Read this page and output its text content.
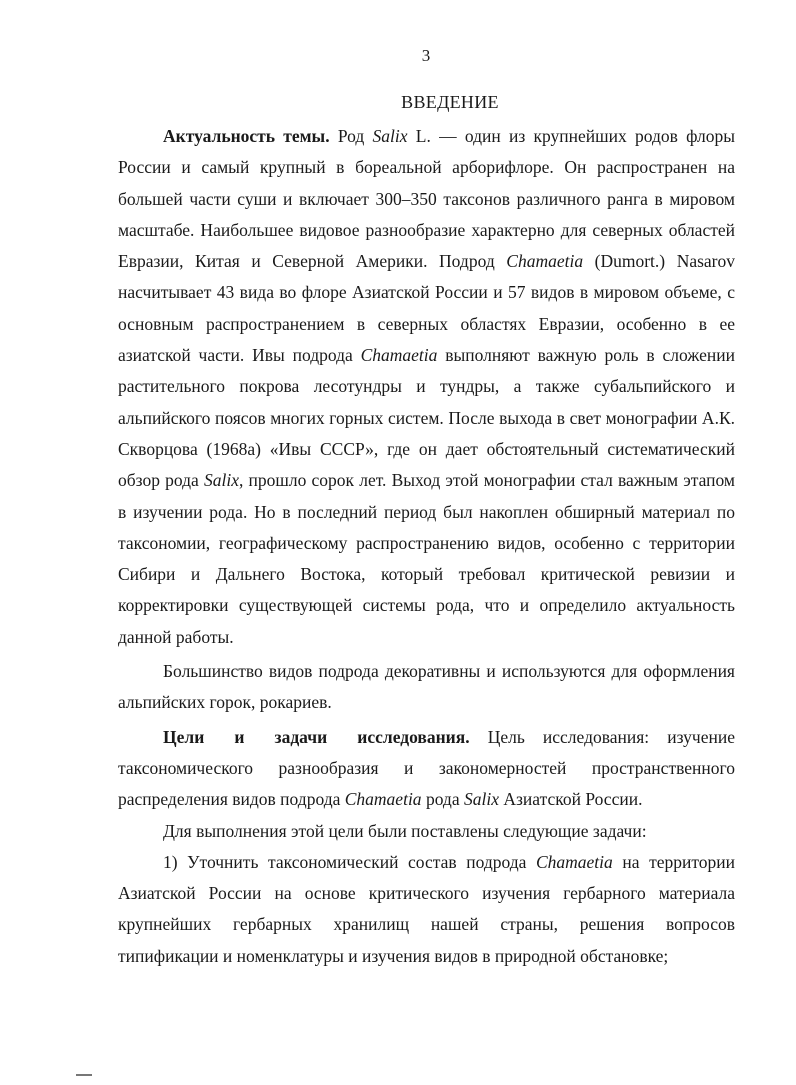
3
ВВЕДЕНИЕ

Актуальность темы. Род Salix L. — один из крупнейших родов флоры России и самый крупный в бореальной арборифлоре. Он распространен на большей части суши и включает 300–350 таксонов различного ранга в мировом масштабе. Наибольшее видовое разнообразие характерно для северных областей Евразии, Китая и Северной Америки. Подрод Chamaetia (Dumort.) Nasarov насчитывает 43 вида во флоре Азиатской России и 57 видов в мировом объеме, с основным распространением в северных областях Евразии, особенно в ее азиатской части. Ивы подрода Chamaetia выполняют важную роль в сложении растительного покрова лесотундры и тундры, а также субальпийского и альпийского поясов многих горных систем. После выхода в свет монографии А.К. Скворцова (1968а) «Ивы СССР», где он дает обстоятельный систематический обзор рода Salix, прошло сорок лет. Выход этой монографии стал важным этапом в изучении рода. Но в последний период был накоплен обширный материал по таксономии, географическому распространению видов, особенно с территории Сибири и Дальнего Востока, который требовал критической ревизии и корректировки существующей системы рода, что и определило актуальность данной работы.

Большинство видов подрода декоративны и используются для оформления альпийских горок, рокариев.

Цели и задачи исследования. Цель исследования: изучение таксономического разнообразия и закономерностей пространственного распределения видов подрода Chamaetia рода Salix Азиатской России.

Для выполнения этой цели были поставлены следующие задачи:

1) Уточнить таксономический состав подрода Chamaetia на территории Азиатской России на основе критического изучения гербарного материала крупнейших гербарных хранилищ нашей страны, решения вопросов типификации и номенклатуры и изучения видов в природной обстановке;
